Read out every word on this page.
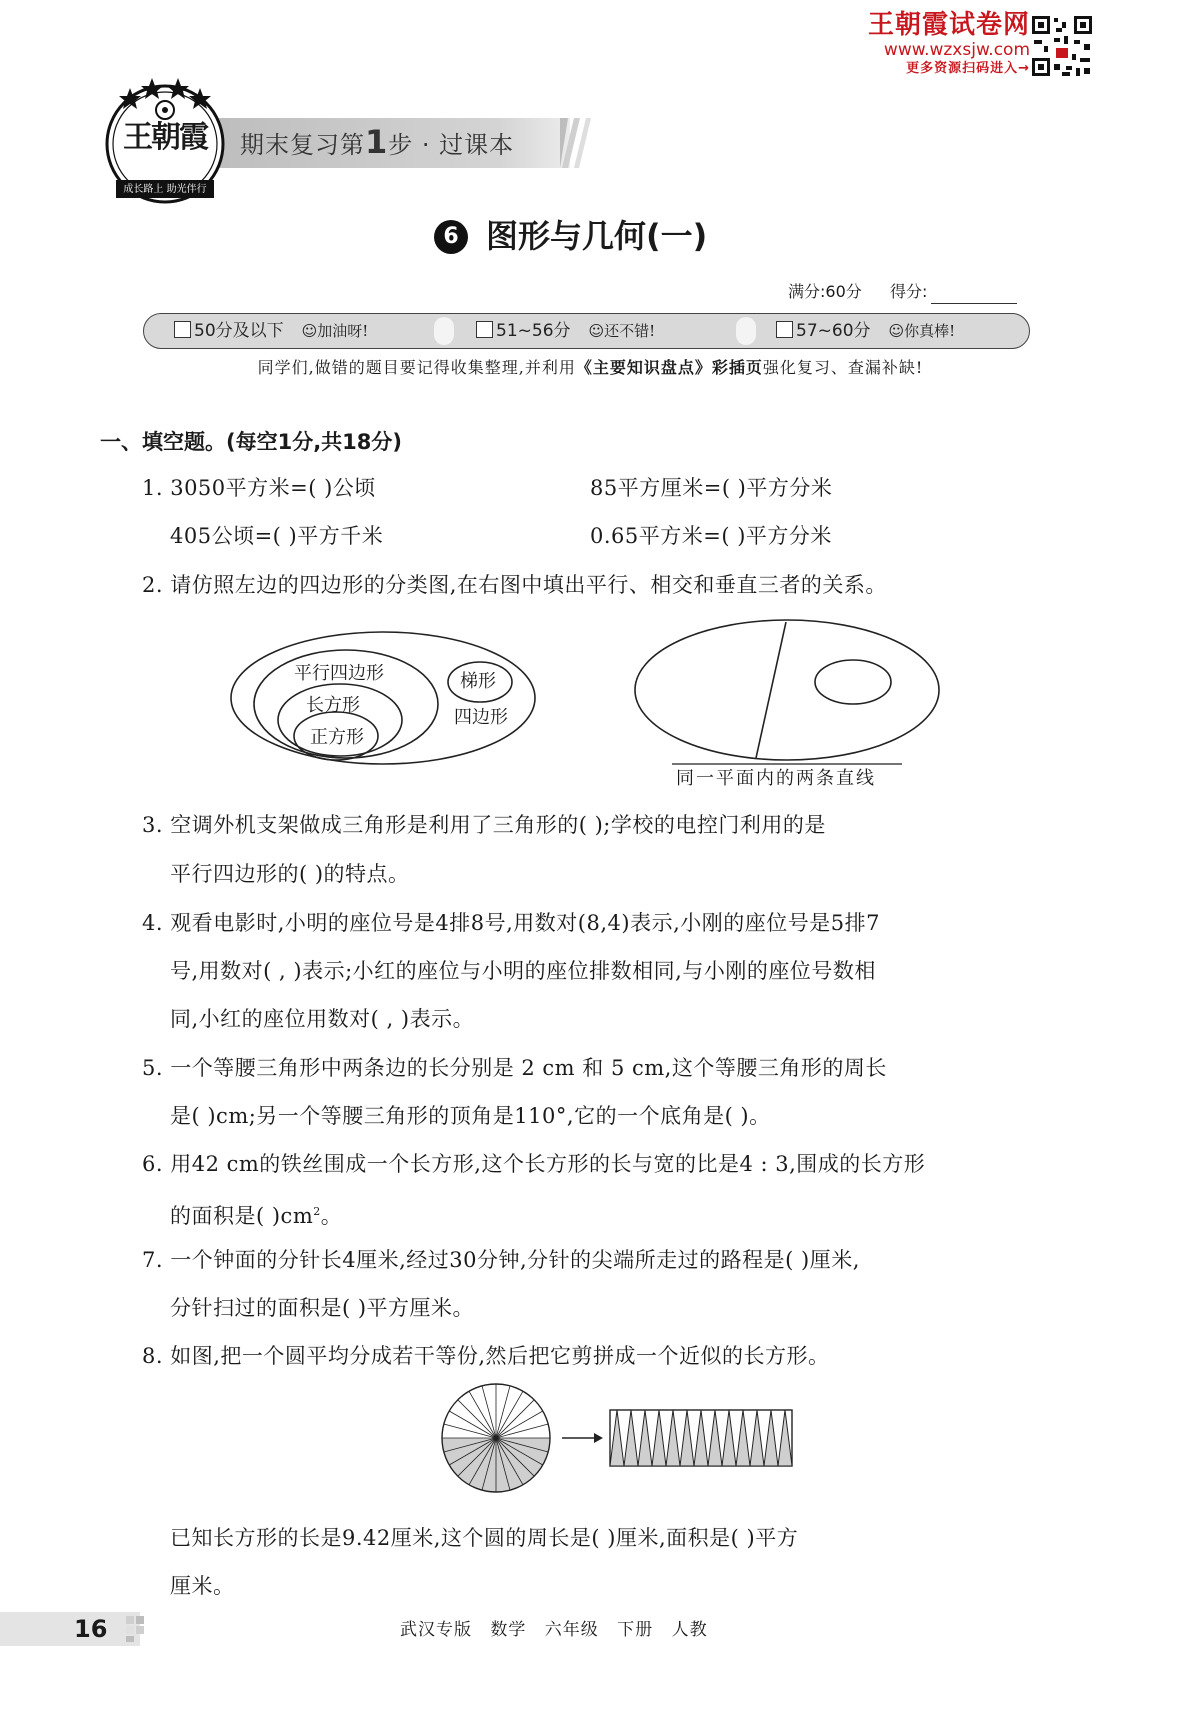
王朝霞试卷网
www.wzxsjw.com
更多资源扫码进入→
期末复习第1步 · 过课本
王朝霞
成长路上 助光伴行
6 图形与几何(一)
满分:60分 得分:
50分及以下 ☺加油呀!	51~56分 ☺还不错!	57~60分 ☺你真棒!
同学们,做错的题目要记得收集整理,并利用《主要知识盘点》彩插页强化复习、查漏补缺!
一、填空题。(每空1分,共18分)
1. 3050平方米=( )公顷	85平方厘米=( )平方分米
405公顷=( )平方千米	0.65平方米=( )平方分米
2. 请仿照左边的四边形的分类图,在右图中填出平行、相交和垂直三者的关系。
平行四边形
长方形
正方形
梯形
四边形
同一平面内的两条直线
3. 空调外机支架做成三角形是利用了三角形的( );学校的电控门利用的是
平行四边形的( )的特点。
4. 观看电影时,小明的座位号是4排8号,用数对(8,4)表示,小刚的座位号是5排7
号,用数对( , )表示;小红的座位与小明的座位排数相同,与小刚的座位号数相
同,小红的座位用数对( , )表示。
5. 一个等腰三角形中两条边的长分别是 2 cm 和 5 cm,这个等腰三角形的周长
是( )cm;另一个等腰三角形的顶角是110°,它的一个底角是( )。
6. 用42 cm的铁丝围成一个长方形,这个长方形的长与宽的比是4 : 3,围成的长方形
的面积是( )$cm^2$。
7. 一个钟面的分针长4厘米,经过30分钟,分针的尖端所走过的路程是( )厘米,
分针扫过的面积是( )平方厘米。
8. 如图,把一个圆平均分成若干等份,然后把它剪拼成一个近似的长方形。
已知长方形的长是9.42厘米,这个圆的周长是( )厘米,面积是( )平方
厘米。
16	武汉专版 数学 六年级 下册 人教
